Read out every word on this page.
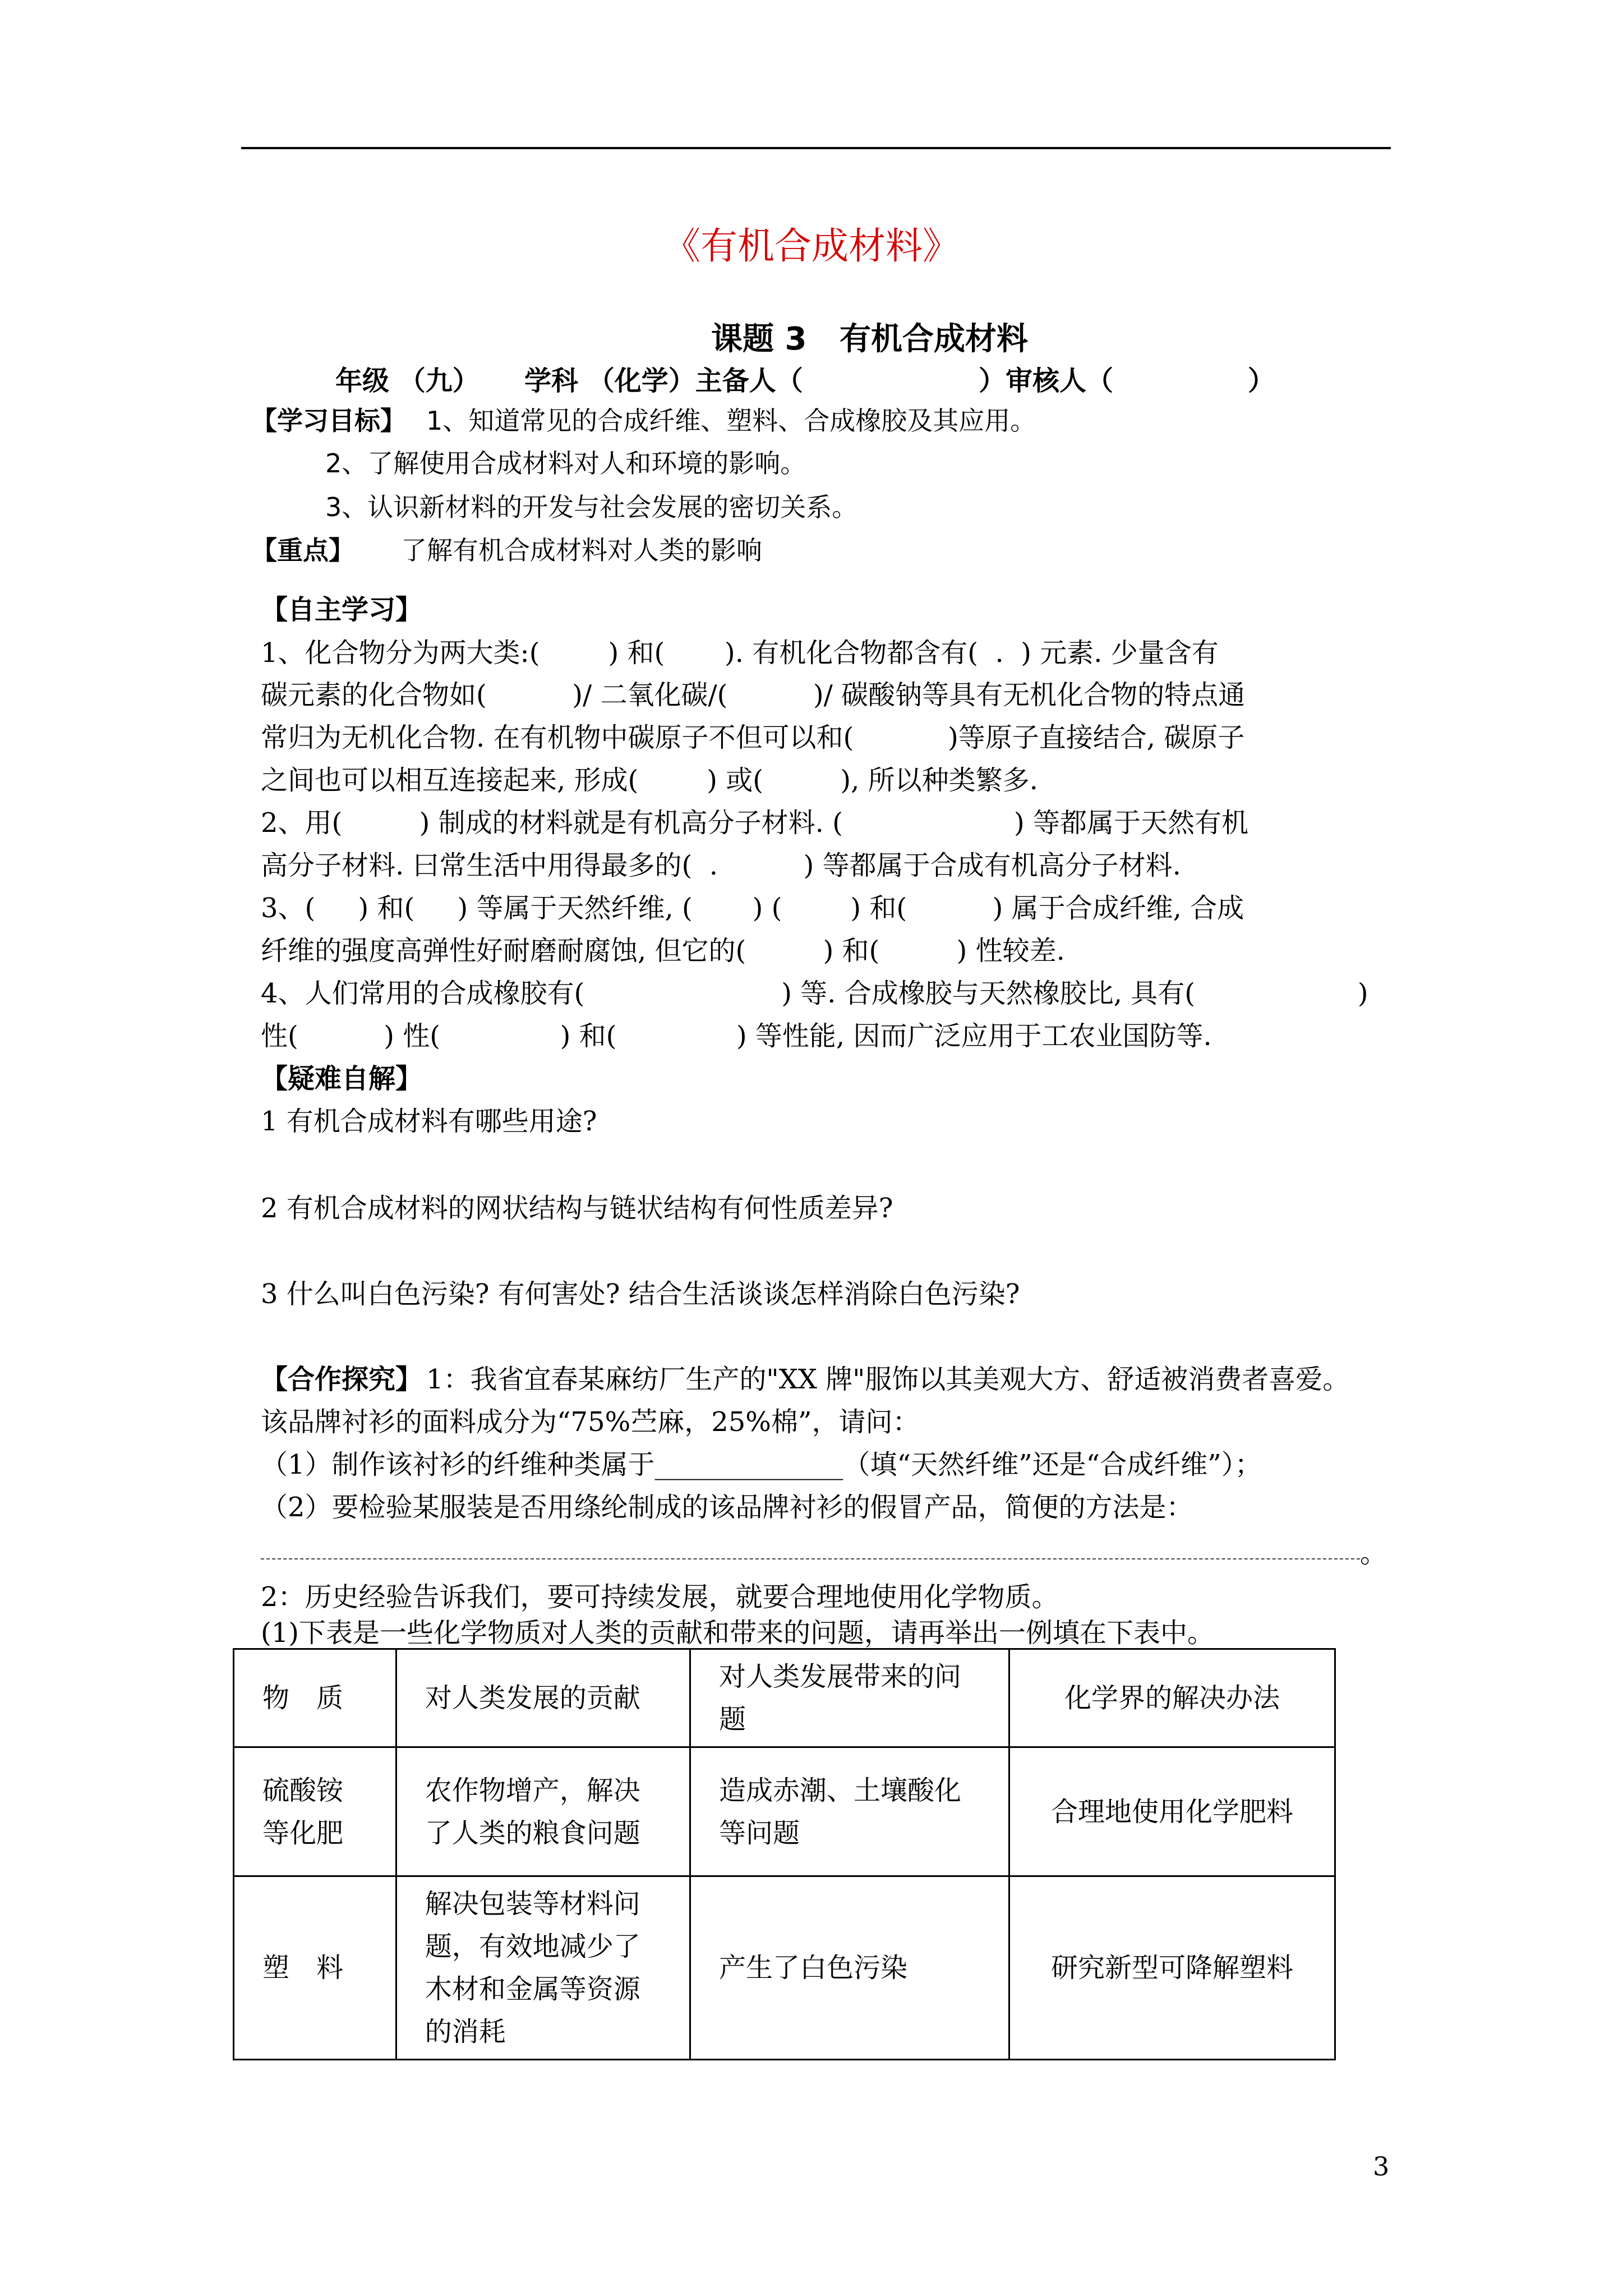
《有机合成材料》
课题 3   有机合成材料
年级 （九） 学科 （化学）主备人（	）审核人（	）
【学习目标】 1、知道常见的合成纤维、塑料、合成橡胶及其应用。
2、了解使用合成材料对人和环境的影响。
3、认识新材料的开发与社会发展的密切关系。
【重点】 了解有机合成材料对人类的影响
【自主学习】
1、化合物分为两大类:(        ) 和(       ). 有机化合物都含有(  .  ) 元素. 少量含有
碳元素的化合物如(          )/ 二氧化碳/(          )/ 碳酸钠等具有无机化合物的特点通
常归为无机化合物. 在有机物中碳原子不但可以和(           )等原子直接结合, 碳原子
之间也可以相互连接起来, 形成(        ) 或(         ), 所以种类繁多.
2、用(         ) 制成的材料就是有机高分子材料. (                    ) 等都属于天然有机
高分子材料. 曰常生活中用得最多的(  .          ) 等都属于合成有机高分子材料.
3、(     ) 和(     ) 等属于天然纤维, (       ) (        ) 和(          ) 属于合成纤维, 合成
纤维的强度高弹性好耐磨耐腐蚀, 但它的(         ) 和(         ) 性较差.
4、人们常用的合成橡胶有(                       ) 等. 合成橡胶与天然橡胶比, 具有(                   )
性(          ) 性(              ) 和(              ) 等性能, 因而广泛应用于工农业国防等.
【疑难自解】
1 有机合成材料有哪些用途?
2 有机合成材料的网状结构与链状结构有何性质差异?
3 什么叫白色污染? 有何害处? 结合生活谈谈怎样消除白色污染?
【合作探究】 1：我省宜春某麻纺厂生产的"XX 牌"服饰以其美观大方、舒适被消费者喜爱。
该品牌衬衫的面料成分为“75%苎麻，25%棉”，请问：
（1）制作该衬衫的纤维种类属于______________（填“天然纤维”还是“合成纤维”）；
（2）要检验某服装是否用绦纶制成的该品牌衬衫的假冒产品，简便的方法是：
。
2：历史经验告诉我们，要可持续发展，就要合理地使用化学物质。
(1)下表是一些化学物质对人类的贡献和带来的问题，请再举出一例填在下表中。
物　质	对人类发展的贡献	对人类发展带来的问题	化学界的解决办法
硫酸铵等化肥	农作物增产，解决了人类的粮食问题	造成赤潮、土壤酸化等问题	合理地使用化学肥料
塑　料	解决包装等材料问题，有效地减少了木材和金属等资源的消耗	产生了白色污染	研究新型可降解塑料
3
